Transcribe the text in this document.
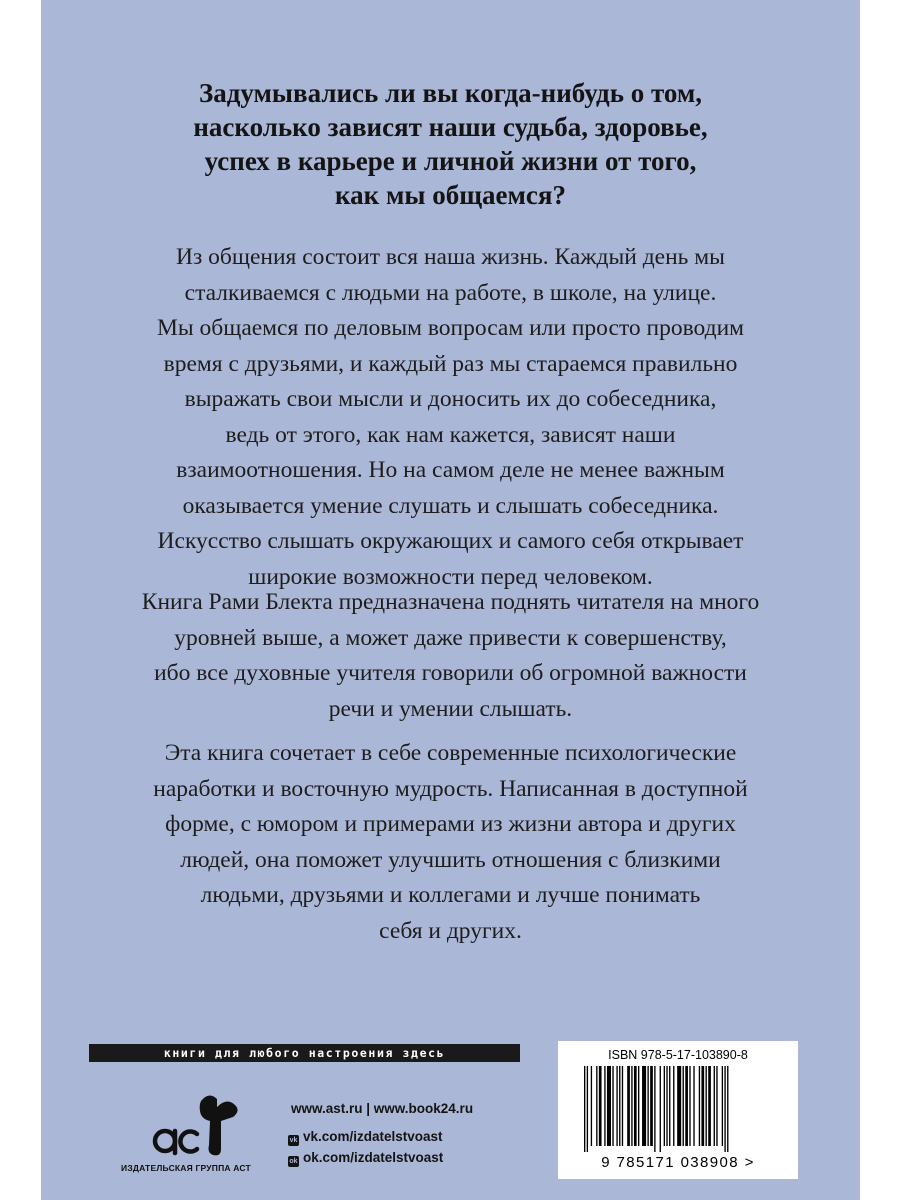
Задумывались ли вы когда-нибудь о том,
насколько зависят наши судьба, здоровье,
успех в карьере и личной жизни от того,
как мы общаемся?
Из общения состоит вся наша жизнь. Каждый день мы
сталкиваемся с людьми на работе, в школе, на улице.
Мы общаемся по деловым вопросам или просто проводим
время с друзьями, и каждый раз мы стараемся правильно
выражать свои мысли и доносить их до собеседника,
ведь от этого, как нам кажется, зависят наши
взаимоотношения. Но на самом деле не менее важным
оказывается умение слушать и слышать собеседника.
Искусство слышать окружающих и самого себя открывает
широкие возможности перед человеком.
Книга Рами Блекта предназначена поднять читателя на много
уровней выше, а может даже привести к совершенству,
ибо все духовные учителя говорили об огромной важности
речи и умении слышать.
Эта книга сочетает в себе современные психологические
наработки и восточную мудрость. Написанная в доступной
форме, с юмором и примерами из жизни автора и других
людей, она поможет улучшить отношения с близкими
людьми, друзьями и коллегами и лучше понимать
себя и других.
книги для любого настроения здесь
ИЗДАТЕЛЬСКАЯ ГРУППА АСТ
www.ast.ru | www.book24.ru
vk vk.com/izdatelstvoast
ok ok.com/izdatelstvoast
ISBN 978-5-17-103890-8
9 785171 038908 >
